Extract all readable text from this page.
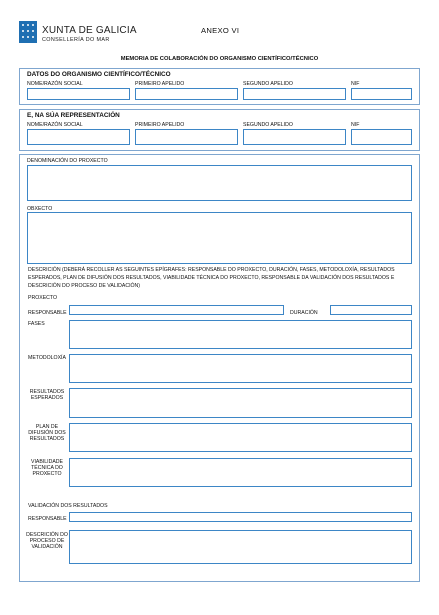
XUNTA DE GALICIA
CONSELLERÍA DO MAR
ANEXO VI
MEMORIA DE COLABORACIÓN DO ORGANISMO CIENTÍFICO/TÉCNICO
DATOS DO ORGANISMO CIENTÍFICO/TÉCNICO
NOME/RAZÓN SOCIAL	PRIMEIRO APELIDO	SEGUNDO APELIDO	NIF
E, NA SÚA REPRESENTACIÓN
NOME/RAZÓN SOCIAL	PRIMEIRO APELIDO	SEGUNDO APELIDO	NIF
DENOMINACIÓN DO PROXECTO
OBXECTO
DESCRICIÓN (DEBERÁ RECOLLER AS SEGUINTES EPÍGRAFES: RESPONSABLE DO PROXECTO, DURACIÓN, FASES, METODOLOXÍA, RESULTADOS ESPERADOS, PLAN DE DIFUSIÓN DOS RESULTADOS, VIABILIDADE TÉCNICA DO PROXECTO, RESPONSABLE DA VALIDACIÓN DOS RESULTADOS E DESCRICIÓN DO PROCESO DE VALIDACIÓN)
PROXECTO
RESPONSABLE	DURACIÓN
FASES
METODOLOXÍA
RESULTADOS ESPERADOS
PLAN DE DIFUSIÓN DOS RESULTADOS
VIABILIDADE TÉCNICA DO PROXECTO
VALIDACIÓN DOS RESULTADOS
RESPONSABLE
DESCRICIÓN DO PROCESO DE VALIDACIÓN
